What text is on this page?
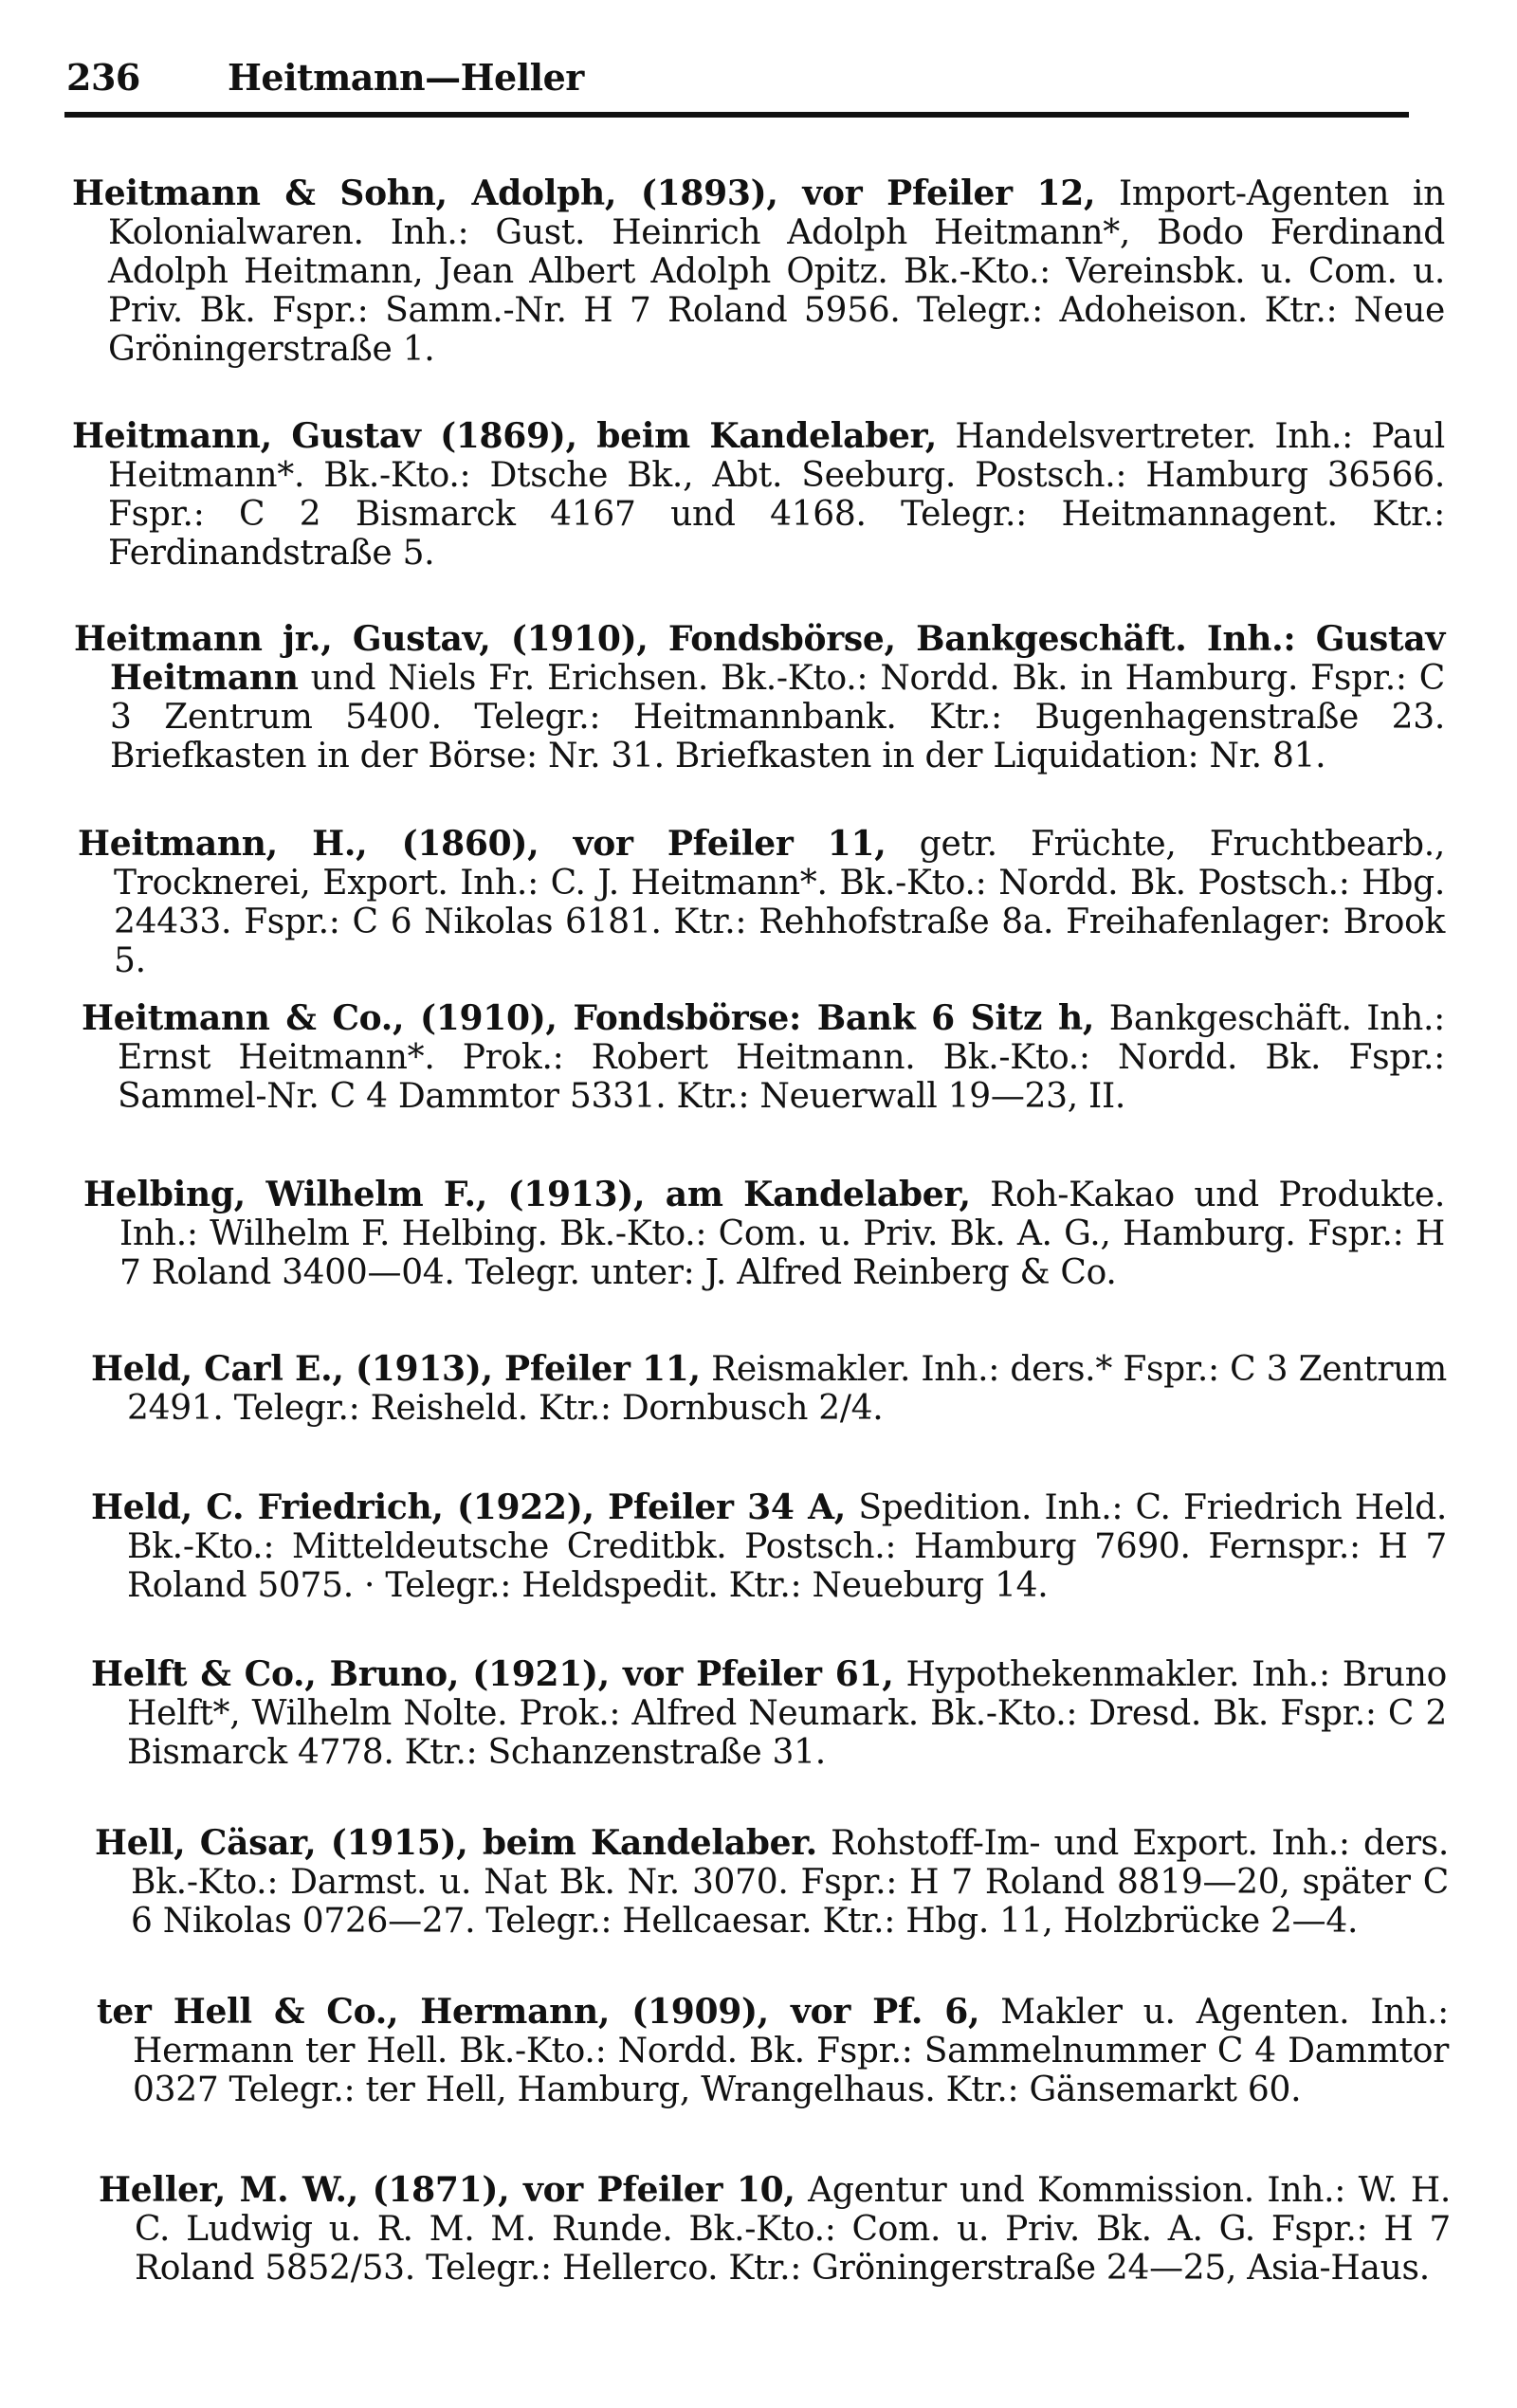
236 Heitmann—Heller
Heitmann & Sohn, Adolph, (1893), vor Pfeiler 12, Import-Agenten in Kolonialwaren. Inh.: Gust. Heinrich Adolph Heitmann*, Bodo Ferdinand Adolph Heitmann, Jean Albert Adolph Opitz. Bk.-Kto.: Vereinsbk. u. Com. u. Priv. Bk. Fspr.: Samm.-Nr. H 7 Roland 5956. Telegr.: Adoheison. Ktr.: Neue Gröningerstraße 1.
Heitmann, Gustav (1869), beim Kandelaber, Handelsvertreter. Inh.: Paul Heitmann*. Bk.-Kto.: Dtsche Bk., Abt. Seeburg. Postsch.: Hamburg 36566. Fspr.: C 2 Bismarck 4167 und 4168. Telegr.: Heitmannagent. Ktr.: Ferdinandstraße 5.
Heitmann jr., Gustav, (1910), Fondsbörse, Bankgeschäft. Inh.: Gustav Heitmann und Niels Fr. Erichsen. Bk.-Kto.: Nordd. Bk. in Hamburg. Fspr.: C 3 Zentrum 5400. Telegr.: Heitmannbank. Ktr.: Bugenhagenstraße 23. Briefkasten in der Börse: Nr. 31. Briefkasten in der Liquidation: Nr. 81.
Heitmann, H., (1860), vor Pfeiler 11, getr. Früchte, Fruchtbearb., Trocknerei, Export. Inh.: C. J. Heitmann*. Bk.-Kto.: Nordd. Bk. Postsch.: Hbg. 24433. Fspr.: C 6 Nikolas 6181. Ktr.: Rehhofstraße 8a. Freihafenlager: Brook 5.
Heitmann & Co., (1910), Fondsbörse: Bank 6 Sitz h, Bankgeschäft. Inh.: Ernst Heitmann*. Prok.: Robert Heitmann. Bk.-Kto.: Nordd. Bk. Fspr.: Sammel-Nr. C 4 Dammtor 5331. Ktr.: Neuerwall 19—23, II.
Helbing, Wilhelm F., (1913), am Kandelaber, Roh-Kakao und Produkte. Inh.: Wilhelm F. Helbing. Bk.-Kto.: Com. u. Priv. Bk. A. G., Hamburg. Fspr.: H 7 Roland 3400—04. Telegr. unter: J. Alfred Reinberg & Co.
Held, Carl E., (1913), Pfeiler 11, Reismakler. Inh.: ders.* Fspr.: C 3 Zentrum 2491. Telegr.: Reisheld. Ktr.: Dornbusch 2/4.
Held, C. Friedrich, (1922), Pfeiler 34 A, Spedition. Inh.: C. Friedrich Held. Bk.-Kto.: Mitteldeutsche Creditbk. Postsch.: Hamburg 7690. Fernspr.: H 7 Roland 5075. · Telegr.: Heldspedit. Ktr.: Neueburg 14.
Helft & Co., Bruno, (1921), vor Pfeiler 61, Hypothekenmakler. Inh.: Bruno Helft*, Wilhelm Nolte. Prok.: Alfred Neumark. Bk.-Kto.: Dresd. Bk. Fspr.: C 2 Bismarck 4778. Ktr.: Schanzenstraße 31.
Hell, Cäsar, (1915), beim Kandelaber. Rohstoff-Im- und Export. Inh.: ders. Bk.-Kto.: Darmst. u. Nat Bk. Nr. 3070. Fspr.: H 7 Roland 8819—20, später C 6 Nikolas 0726—27. Telegr.: Hellcaesar. Ktr.: Hbg. 11, Holzbrücke 2—4.
ter Hell & Co., Hermann, (1909), vor Pf. 6, Makler u. Agenten. Inh.: Hermann ter Hell. Bk.-Kto.: Nordd. Bk. Fspr.: Sammelnummer C 4 Dammtor 0327 Telegr.: ter Hell, Hamburg, Wrangelhaus. Ktr.: Gänsemarkt 60.
Heller, M. W., (1871), vor Pfeiler 10, Agentur und Kommission. Inh.: W. H. C. Ludwig u. R. M. M. Runde. Bk.-Kto.: Com. u. Priv. Bk. A. G. Fspr.: H 7 Roland 5852/53. Telegr.: Hellerco. Ktr.: Gröningerstraße 24—25, Asia-Haus.
